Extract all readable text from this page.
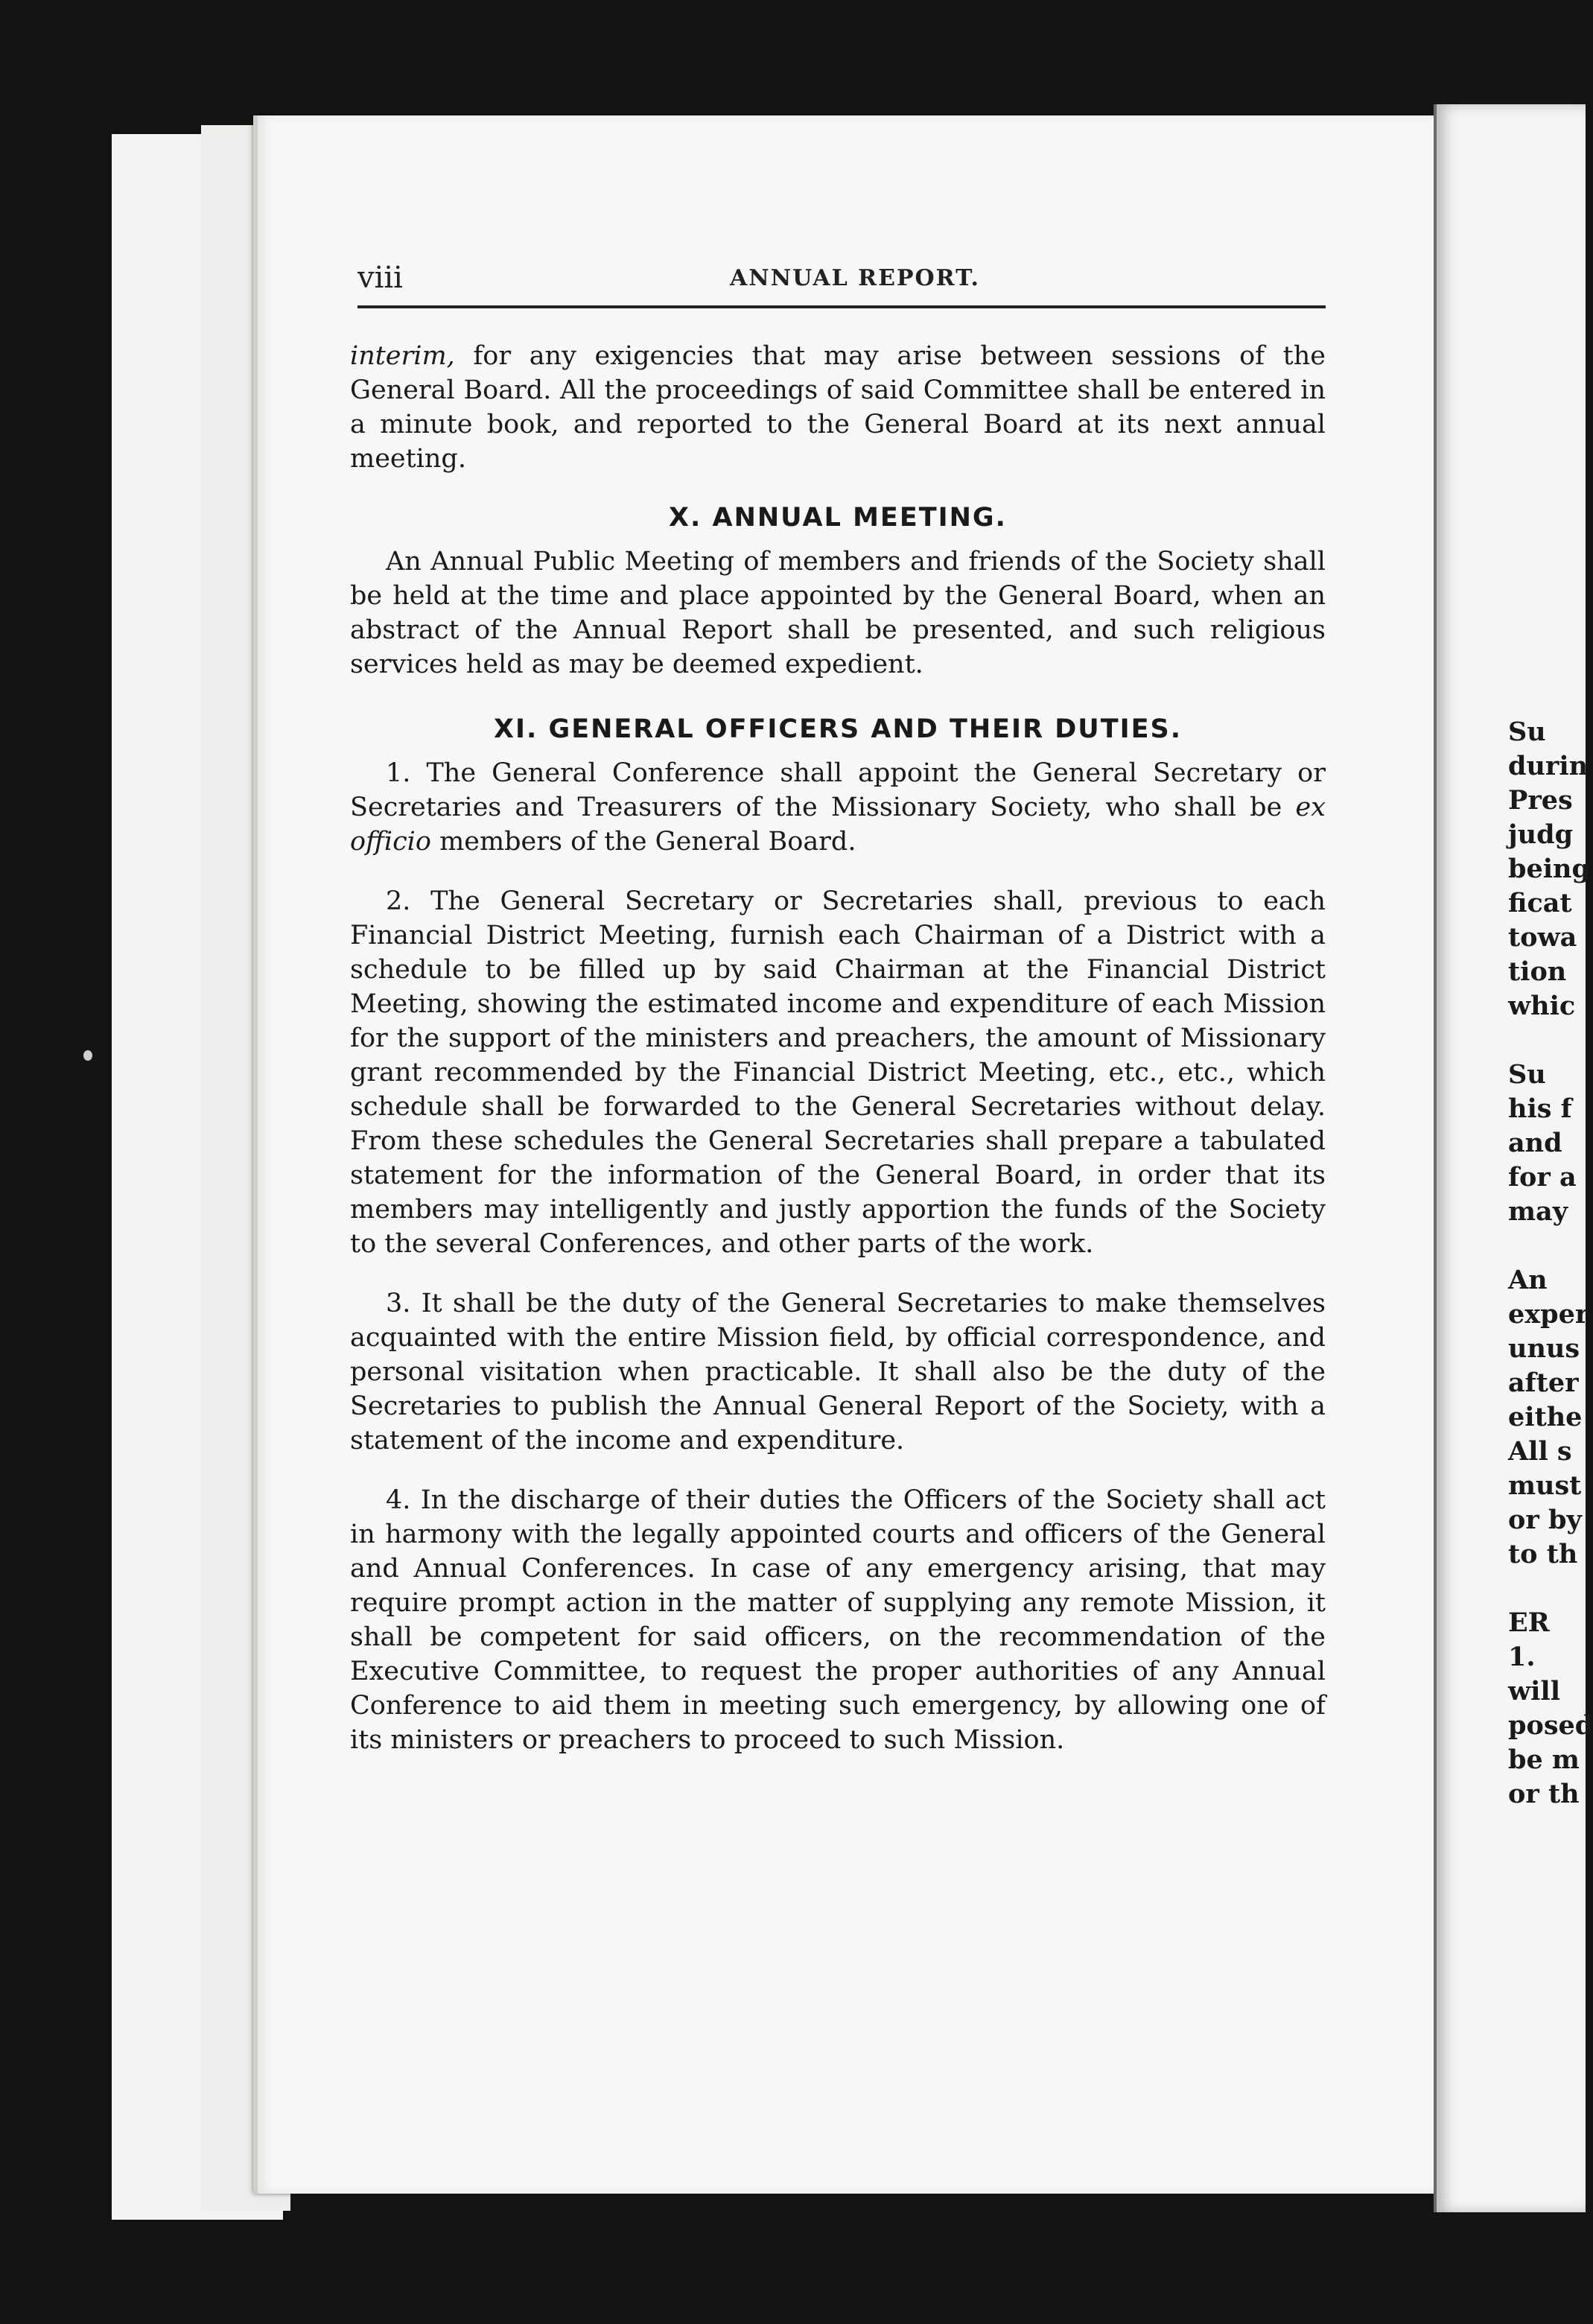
viii	ANNUAL REPORT.

interim, for any exigencies that may arise between sessions of the General Board. All the proceedings of said Committee shall be entered in a minute book, and reported to the General Board at its next annual meeting.

X. ANNUAL MEETING.

An Annual Public Meeting of members and friends of the Society shall be held at the time and place appointed by the General Board, when an abstract of the Annual Report shall be presented, and such religious services held as may be deemed expedient.

XI. GENERAL OFFICERS AND THEIR DUTIES.

1. The General Conference shall appoint the General Secretary or Secretaries and Treasurers of the Missionary Society, who shall be ex officio members of the General Board.

2. The General Secretary or Secretaries shall, previous to each Financial District Meeting, furnish each Chairman of a District with a schedule to be filled up by said Chairman at the Financial District Meeting, showing the estimated income and expenditure of each Mission for the support of the ministers and preachers, the amount of Missionary grant recommended by the Financial District Meeting, etc., etc., which schedule shall be forwarded to the General Secretaries without delay. From these schedules the General Secretaries shall prepare a tabulated statement for the information of the General Board, in order that its members may intelligently and justly apportion the funds of the Society to the several Conferences, and other parts of the work.

3. It shall be the duty of the General Secretaries to make themselves acquainted with the entire Mission field, by official correspondence, and personal visitation when practicable. It shall also be the duty of the Secretaries to publish the Annual General Report of the Society, with a statement of the income and expenditure.

4. In the discharge of their duties the Officers of the Society shall act in harmony with the legally appointed courts and officers of the General and Annual Conferences. In case of any emergency arising, that may require prompt action in the matter of supplying any remote Mission, it shall be competent for said officers, on the recommendation of the Executive Committee, to request the proper authorities of any Annual Conference to aid them in meeting such emergency, by allowing one of its ministers or preachers to proceed to such Mission.

Su
durin
Pres
judg
being
ficat
towa
tion
whic

Su
his f
and
for a
may

An
exper
unus
after
eithe
All s
must
or by
to th

ER
1.
will
posed
be m
or th
